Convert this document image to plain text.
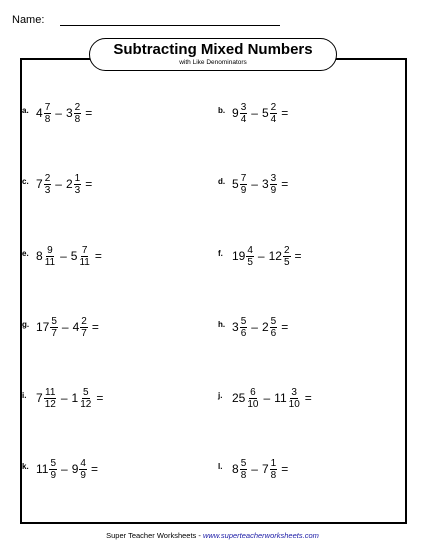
Name:
Subtracting Mixed Numbers
with Like Denominators
a. $4 \frac{7}{8} - 3 \frac{2}{8}$ =	b. $9 \frac{3}{4} - 5 \frac{2}{4}$ =
c. $7 \frac{2}{3} - 2 \frac{1}{3}$ =	d. $5 \frac{7}{9} - 3 \frac{3}{9}$ =
e. $8 \frac{9}{11} - 5 \frac{7}{11}$ =	f. $19 \frac{4}{5} - 12 \frac{2}{5}$ =
g. $17 \frac{5}{7} - 4 \frac{2}{7}$ =	h. $3 \frac{5}{6} - 2 \frac{5}{6}$ =
i. $7 \frac{11}{12} - 1 \frac{5}{12}$ =	j. $25 \frac{6}{10} - 11 \frac{3}{10}$ =
k. $11 \frac{5}{9} - 9 \frac{4}{9}$ =	l. $8 \frac{5}{8} - 7 \frac{1}{8}$ =
Super Teacher Worksheets - www.superteacherworksheets.com
